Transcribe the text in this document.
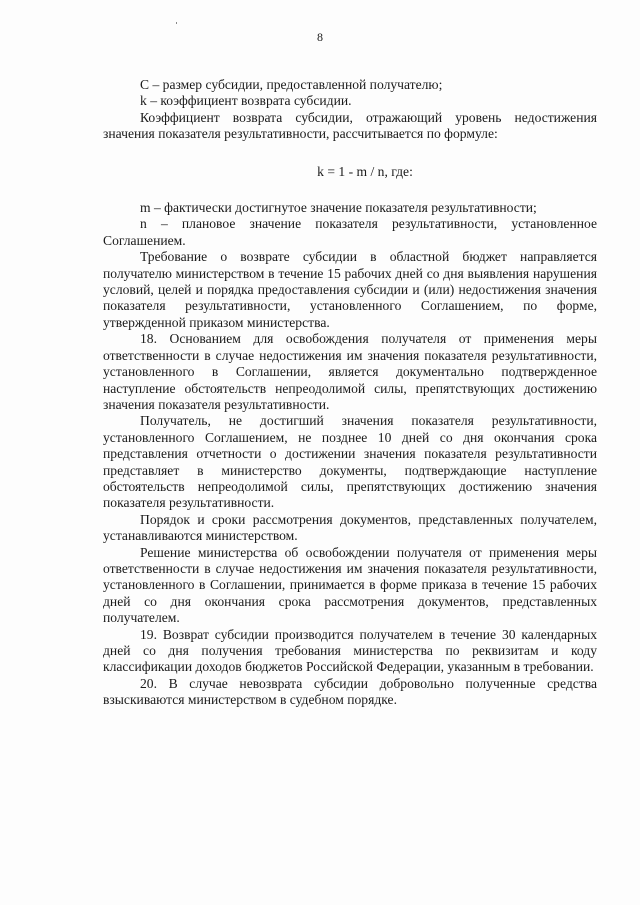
8

С – размер субсидии, предоставленной получателю;

k – коэффициент возврата субсидии.

Коэффициент возврата субсидии, отражающий уровень недостижения значения показателя результативности, рассчитывается по формуле:

k = 1 - m / n, где:

m – фактически достигнутое значение показателя результативности;

n – плановое значение показателя результативности, установленное Соглашением.

Требование о возврате субсидии в областной бюджет направляется получателю министерством в течение 15 рабочих дней со дня выявления нарушения условий, целей и порядка предоставления субсидии и (или) недостижения значения показателя результативности, установленного Соглашением, по форме, утвержденной приказом министерства.

18. Основанием для освобождения получателя от применения меры ответственности в случае недостижения им значения показателя результативности, установленного в Соглашении, является документально подтвержденное наступление обстоятельств непреодолимой силы, препятствующих достижению значения показателя результативности.

Получатель, не достигший значения показателя результативности, установленного Соглашением, не позднее 10 дней со дня окончания срока представления отчетности о достижении значения показателя результативности представляет в министерство документы, подтверждающие наступление обстоятельств непреодолимой силы, препятствующих достижению значения показателя результативности.

Порядок и сроки рассмотрения документов, представленных получателем, устанавливаются министерством.

Решение министерства об освобождении получателя от применения меры ответственности в случае недостижения им значения показателя результативности, установленного в Соглашении, принимается в форме приказа в течение 15 рабочих дней со дня окончания срока рассмотрения документов, представленных получателем.

19. Возврат субсидии производится получателем в течение 30 календарных дней со дня получения требования министерства по реквизитам и коду классификации доходов бюджетов Российской Федерации, указанным в требовании.

20. В случае невозврата субсидии добровольно полученные средства взыскиваются министерством в судебном порядке.
